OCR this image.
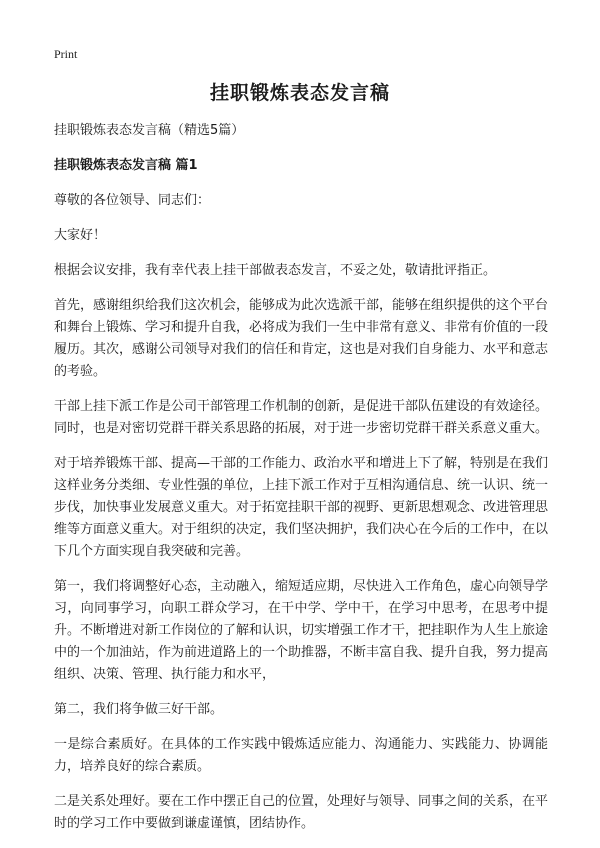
Print
挂职锻炼表态发言稿

挂职锻炼表态发言稿（精选5篇）

挂职锻炼表态发言稿 篇1

尊敬的各位领导、同志们：

大家好！

根据会议安排，我有幸代表上挂干部做表态发言，不妥之处，敬请批评指正。

首先，感谢组织给我们这次机会，能够成为此次选派干部，能够在组织提供的这个平台和舞台上锻炼、学习和提升自我，必将成为我们一生中非常有意义、非常有价值的一段履历。其次，感谢公司领导对我们的信任和肯定，这也是对我们自身能力、水平和意志的考验。

干部上挂下派工作是公司干部管理工作机制的创新，是促进干部队伍建设的有效途径。同时，也是对密切党群干群关系思路的拓展，对于进一步密切党群干群关系意义重大。

对于培养锻炼干部、提高—干部的工作能力、政治水平和增进上下了解，特别是在我们这样业务分类细、专业性强的单位，上挂下派工作对于互相沟通信息、统一认识、统一步伐，加快事业发展意义重大。对于拓宽挂职干部的视野、更新思想观念、改进管理思维等方面意义重大。对于组织的决定，我们坚决拥护，我们决心在今后的工作中，在以下几个方面实现自我突破和完善。

第一，我们将调整好心态，主动融入，缩短适应期，尽快进入工作角色，虚心向领导学习，向同事学习，向职工群众学习，在干中学、学中干，在学习中思考，在思考中提升。不断增进对新工作岗位的了解和认识，切实增强工作才干，把挂职作为人生上旅途中的一个加油站，作为前进道路上的一个助推器，不断丰富自我、提升自我，努力提高组织、决策、管理、执行能力和水平，

第二，我们将争做三好干部。

一是综合素质好。在具体的工作实践中锻炼适应能力、沟通能力、实践能力、协调能力，培养良好的综合素质。

二是关系处理好。要在工作中摆正自己的位置，处理好与领导、同事之间的关系，在平时的学习工作中要做到谦虚谨慎，团结协作。
